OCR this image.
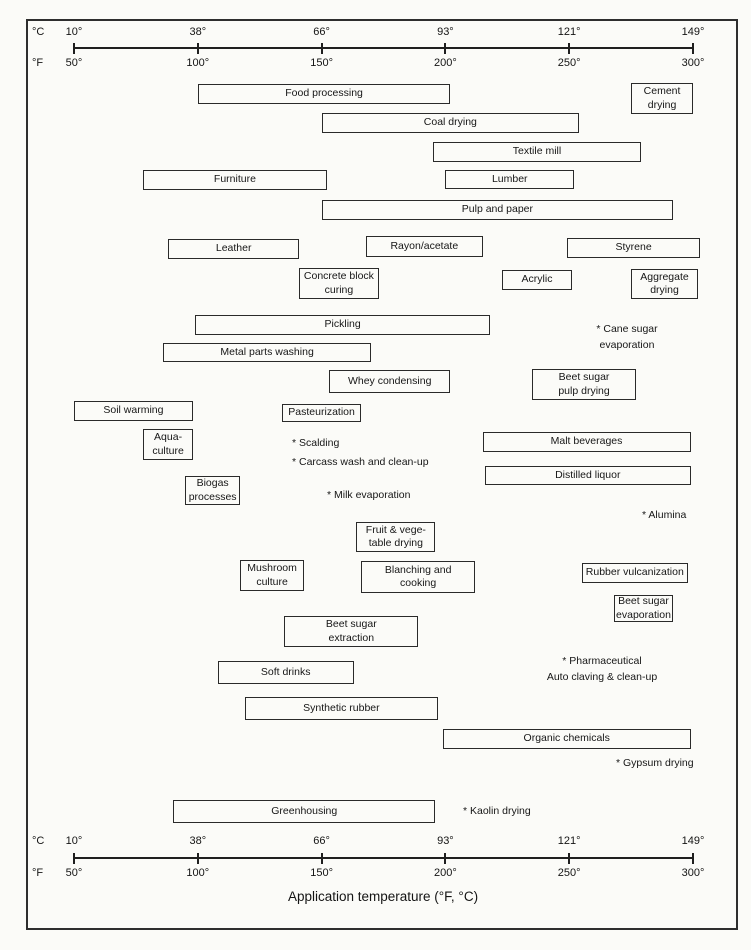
°C
°F
10°
50°
10°
50°
38°
100°
38°
100°
66°
150°
66°
150°
93°
200°
93°
200°
121°
250°
121°
250°
149°
300°
149°
300°
Food processing	Cement
drying
Coal drying
Textile mill
Furniture	Lumber
Pulp and paper
Leather	Rayon/acetate	Styrene
Concrete block
curing
Acrylic	Aggregate
drying
Pickling
Metal parts washing
Whey condensing	Beet sugar
pulp drying
Soil warming	Pasteurization
Aqua-
culture
Malt beverages
Distilled liquor
Biogas
processes
Fruit & vege-
table drying
Mushroom
culture
Blanching and
cooking
Rubber vulcanization
Beet sugar
evaporation
Beet sugar
extraction
Soft drinks
Synthetic rubber
Organic chemicals
Greenhousing
* Cane sugar
evaporation
* Scalding
* Carcass wash and clean-up
* Milk evaporation
* Alumina
* Pharmaceutical
Auto claving & clean-up
* Gypsum drying
* Kaolin drying
°C
°F
Application temperature (°F, °C)
